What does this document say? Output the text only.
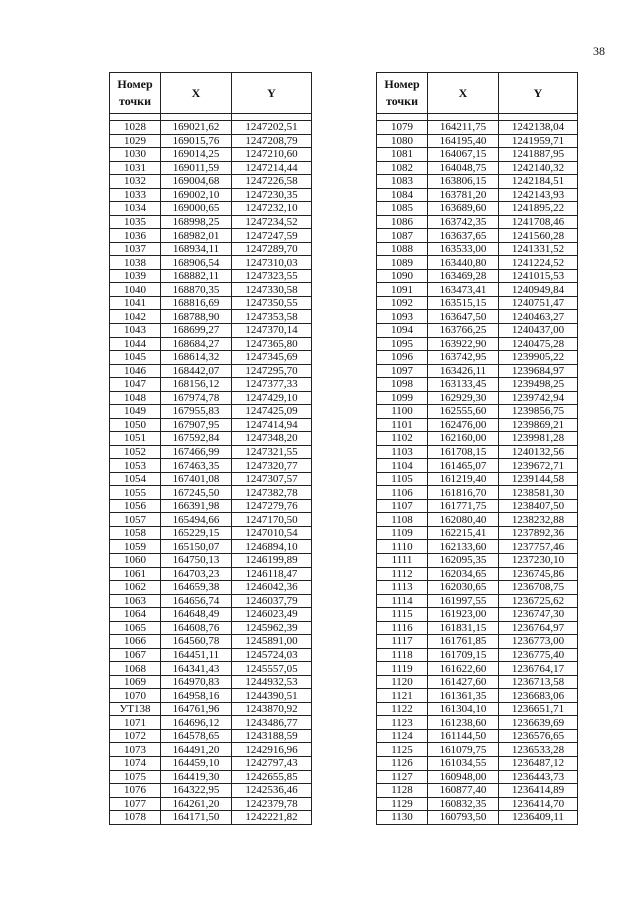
38
Номер точки	X	Y

1028	169021,62	1247202,51
1029	169015,76	1247208,79
1030	169014,25	1247210,60
1031	169011,59	1247214,44
1032	169004,68	1247226,58
1033	169002,10	1247230,35
1034	169000,65	1247232,10
1035	168998,25	1247234,52
1036	168982,01	1247247,59
1037	168934,11	1247289,70
1038	168906,54	1247310,03
1039	168882,11	1247323,55
1040	168870,35	1247330,58
1041	168816,69	1247350,55
1042	168788,90	1247353,58
1043	168699,27	1247370,14
1044	168684,27	1247365,80
1045	168614,32	1247345,69
1046	168442,07	1247295,70
1047	168156,12	1247377,33
1048	167974,78	1247429,10
1049	167955,83	1247425,09
1050	167907,95	1247414,94
1051	167592,84	1247348,20
1052	167466,99	1247321,55
1053	167463,35	1247320,77
1054	167401,08	1247307,57
1055	167245,50	1247382,78
1056	166391,98	1247279,76
1057	165494,66	1247170,50
1058	165229,15	1247010,54
1059	165150,07	1246894,10
1060	164750,13	1246199,89
1061	164703,23	1246118,47
1062	164659,38	1246042,36
1063	164656,74	1246037,79
1064	164648,49	1246023,49
1065	164608,76	1245962,39
1066	164560,78	1245891,00
1067	164451,11	1245724,03
1068	164341,43	1245557,05
1069	164970,83	1244932,53
1070	164958,16	1244390,51
УТ138	164761,96	1243870,92
1071	164696,12	1243486,77
1072	164578,65	1243188,59
1073	164491,20	1242916,96
1074	164459,10	1242797,43
1075	164419,30	1242655,85
1076	164322,95	1242536,46
1077	164261,20	1242379,78
1078	164171,50	1242221,82
Номер точки	X	Y

1079	164211,75	1242138,04
1080	164195,40	1241959,71
1081	164067,15	1241887,95
1082	164048,75	1242140,32
1083	163806,15	1242184,51
1084	163781,20	1242143,93
1085	163689,60	1241895,22
1086	163742,35	1241708,46
1087	163637,65	1241560,28
1088	163533,00	1241331,52
1089	163440,80	1241224,52
1090	163469,28	1241015,53
1091	163473,41	1240949,84
1092	163515,15	1240751,47
1093	163647,50	1240463,27
1094	163766,25	1240437,00
1095	163922,90	1240475,28
1096	163742,95	1239905,22
1097	163426,11	1239684,97
1098	163133,45	1239498,25
1099	162929,30	1239742,94
1100	162555,60	1239856,75
1101	162476,00	1239869,21
1102	162160,00	1239981,28
1103	161708,15	1240132,56
1104	161465,07	1239672,71
1105	161219,40	1239144,58
1106	161816,70	1238581,30
1107	161771,75	1238407,50
1108	162080,40	1238232,88
1109	162215,41	1237892,36
1110	162133,60	1237757,46
1111	162095,35	1237230,10
1112	162034,65	1236745,86
1113	162030,65	1236708,75
1114	161997,55	1236725,62
1115	161923,00	1236747,30
1116	161831,15	1236764,97
1117	161761,85	1236773,00
1118	161709,15	1236775,40
1119	161622,60	1236764,17
1120	161427,60	1236713,58
1121	161361,35	1236683,06
1122	161304,10	1236651,71
1123	161238,60	1236639,69
1124	161144,50	1236576,65
1125	161079,75	1236533,28
1126	161034,55	1236487,12
1127	160948,00	1236443,73
1128	160877,40	1236414,89
1129	160832,35	1236414,70
1130	160793,50	1236409,11
